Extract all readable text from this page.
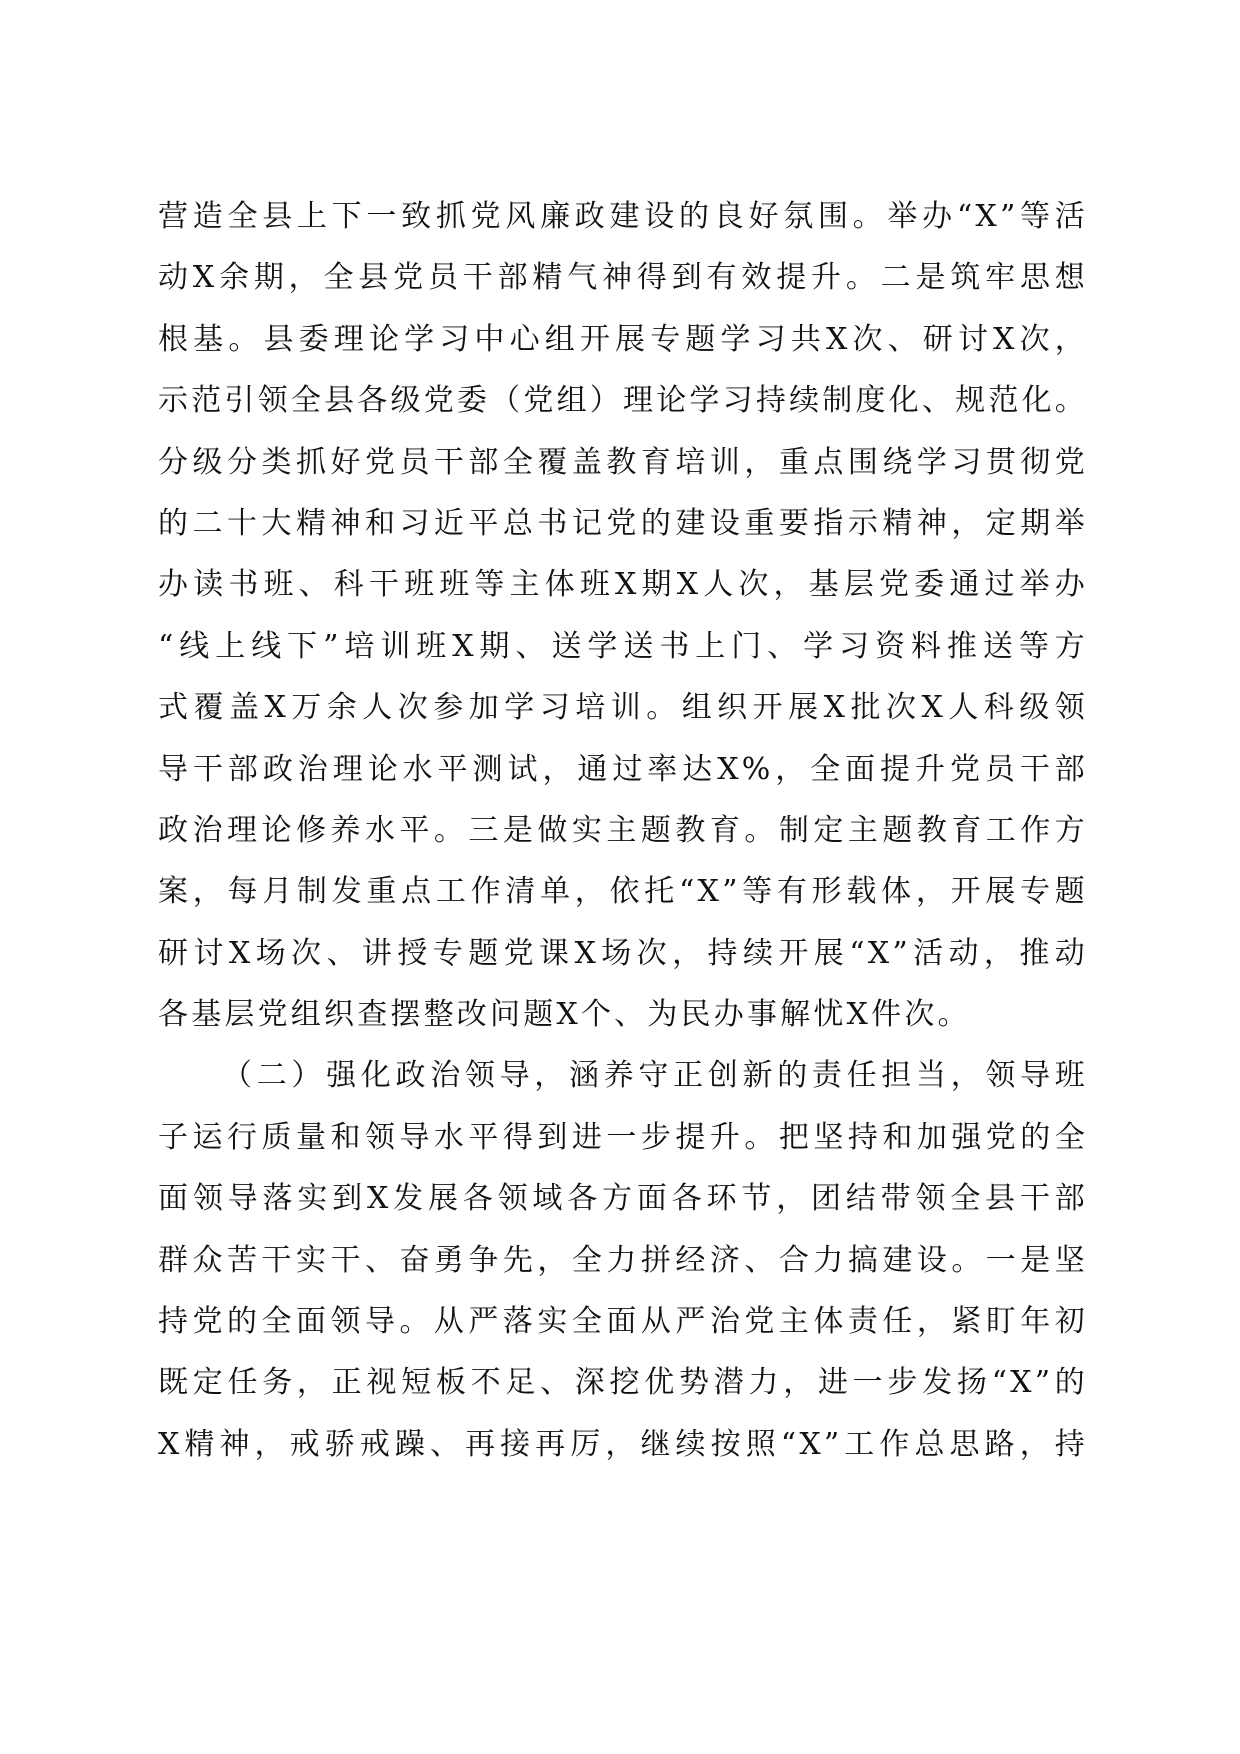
营造全县上下一致抓党风廉政建设的良好氛围。举办“X”等活
动X余期，全县党员干部精气神得到有效提升。二是筑牢思想
根基。县委理论学习中心组开展专题学习共X次、研讨X次，
示范引领全县各级党委（党组）理论学习持续制度化、规范化。
分级分类抓好党员干部全覆盖教育培训，重点围绕学习贯彻党
的二十大精神和习近平总书记党的建设重要指示精神，定期举
办读书班、科干班班等主体班X期X人次，基层党委通过举办
“线上线下”培训班X期、送学送书上门、学习资料推送等方
式覆盖X万余人次参加学习培训。组织开展X批次X人科级领
导干部政治理论水平测试，通过率达X%，全面提升党员干部
政治理论修养水平。三是做实主题教育。制定主题教育工作方
案，每月制发重点工作清单，依托“X”等有形载体，开展专题
研讨X场次、讲授专题党课X场次，持续开展“X”活动，推动
各基层党组织查摆整改问题X个、为民办事解忧X件次。
（二）强化政治领导，涵养守正创新的责任担当，领导班
子运行质量和领导水平得到进一步提升。把坚持和加强党的全
面领导落实到X发展各领域各方面各环节，团结带领全县干部
群众苦干实干、奋勇争先，全力拼经济、合力搞建设。一是坚
持党的全面领导。从严落实全面从严治党主体责任，紧盯年初
既定任务，正视短板不足、深挖优势潜力，进一步发扬“X”的
X精神，戒骄戒躁、再接再厉，继续按照“X”工作总思路，持
